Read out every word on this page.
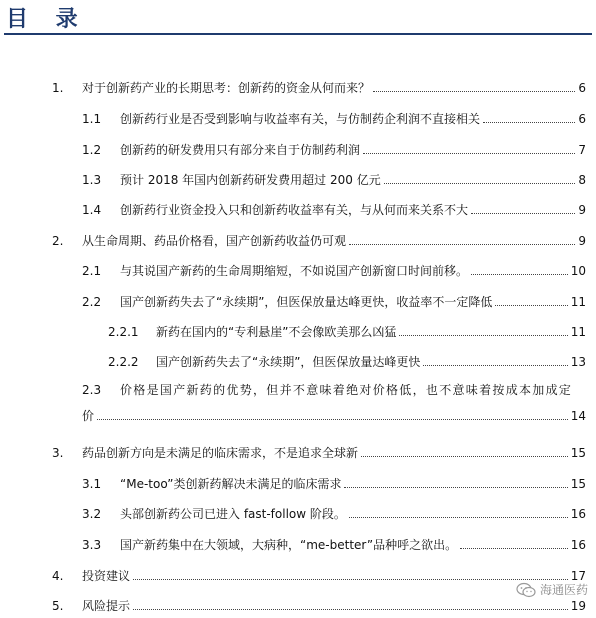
目 录
1.	对于创新药产业的长期思考：创新药的资金从何而来？	6
1.1	创新药行业是否受到影响与收益率有关，与仿制药企利润不直接相关	6
1.2	创新药的研发费用只有部分来自于仿制药利润	7
1.3	预计 2018 年国内创新药研发费用超过 200 亿元	8
1.4	创新药行业资金投入只和创新药收益率有关，与从何而来关系不大	9
2.	从生命周期、药品价格看，国产创新药收益仍可观	9
2.1	与其说国产新药的生命周期缩短，不如说国产创新窗口时间前移。	10
2.2	国产创新药失去了“永续期”，但医保放量达峰更快，收益率不一定降低	11
2.2.1	新药在国内的“专利悬崖”不会像欧美那么凶猛	11
2.2.2	国产创新药失去了“永续期”，但医保放量达峰更快	13
2.3	价格是国产新药的优势，但并不意味着绝对价格低，也不意味着按成本加成定
价	14
3.	药品创新方向是未满足的临床需求，不是追求全球新	15
3.1	“Me-too”类创新药解决未满足的临床需求	15
3.2	头部创新药公司已进入 fast-follow 阶段。	16
3.3	国产新药集中在大领域，大病种，“me-better”品种呼之欲出。	16
4.	投资建议	17
5.	风险提示	19
海通医药
